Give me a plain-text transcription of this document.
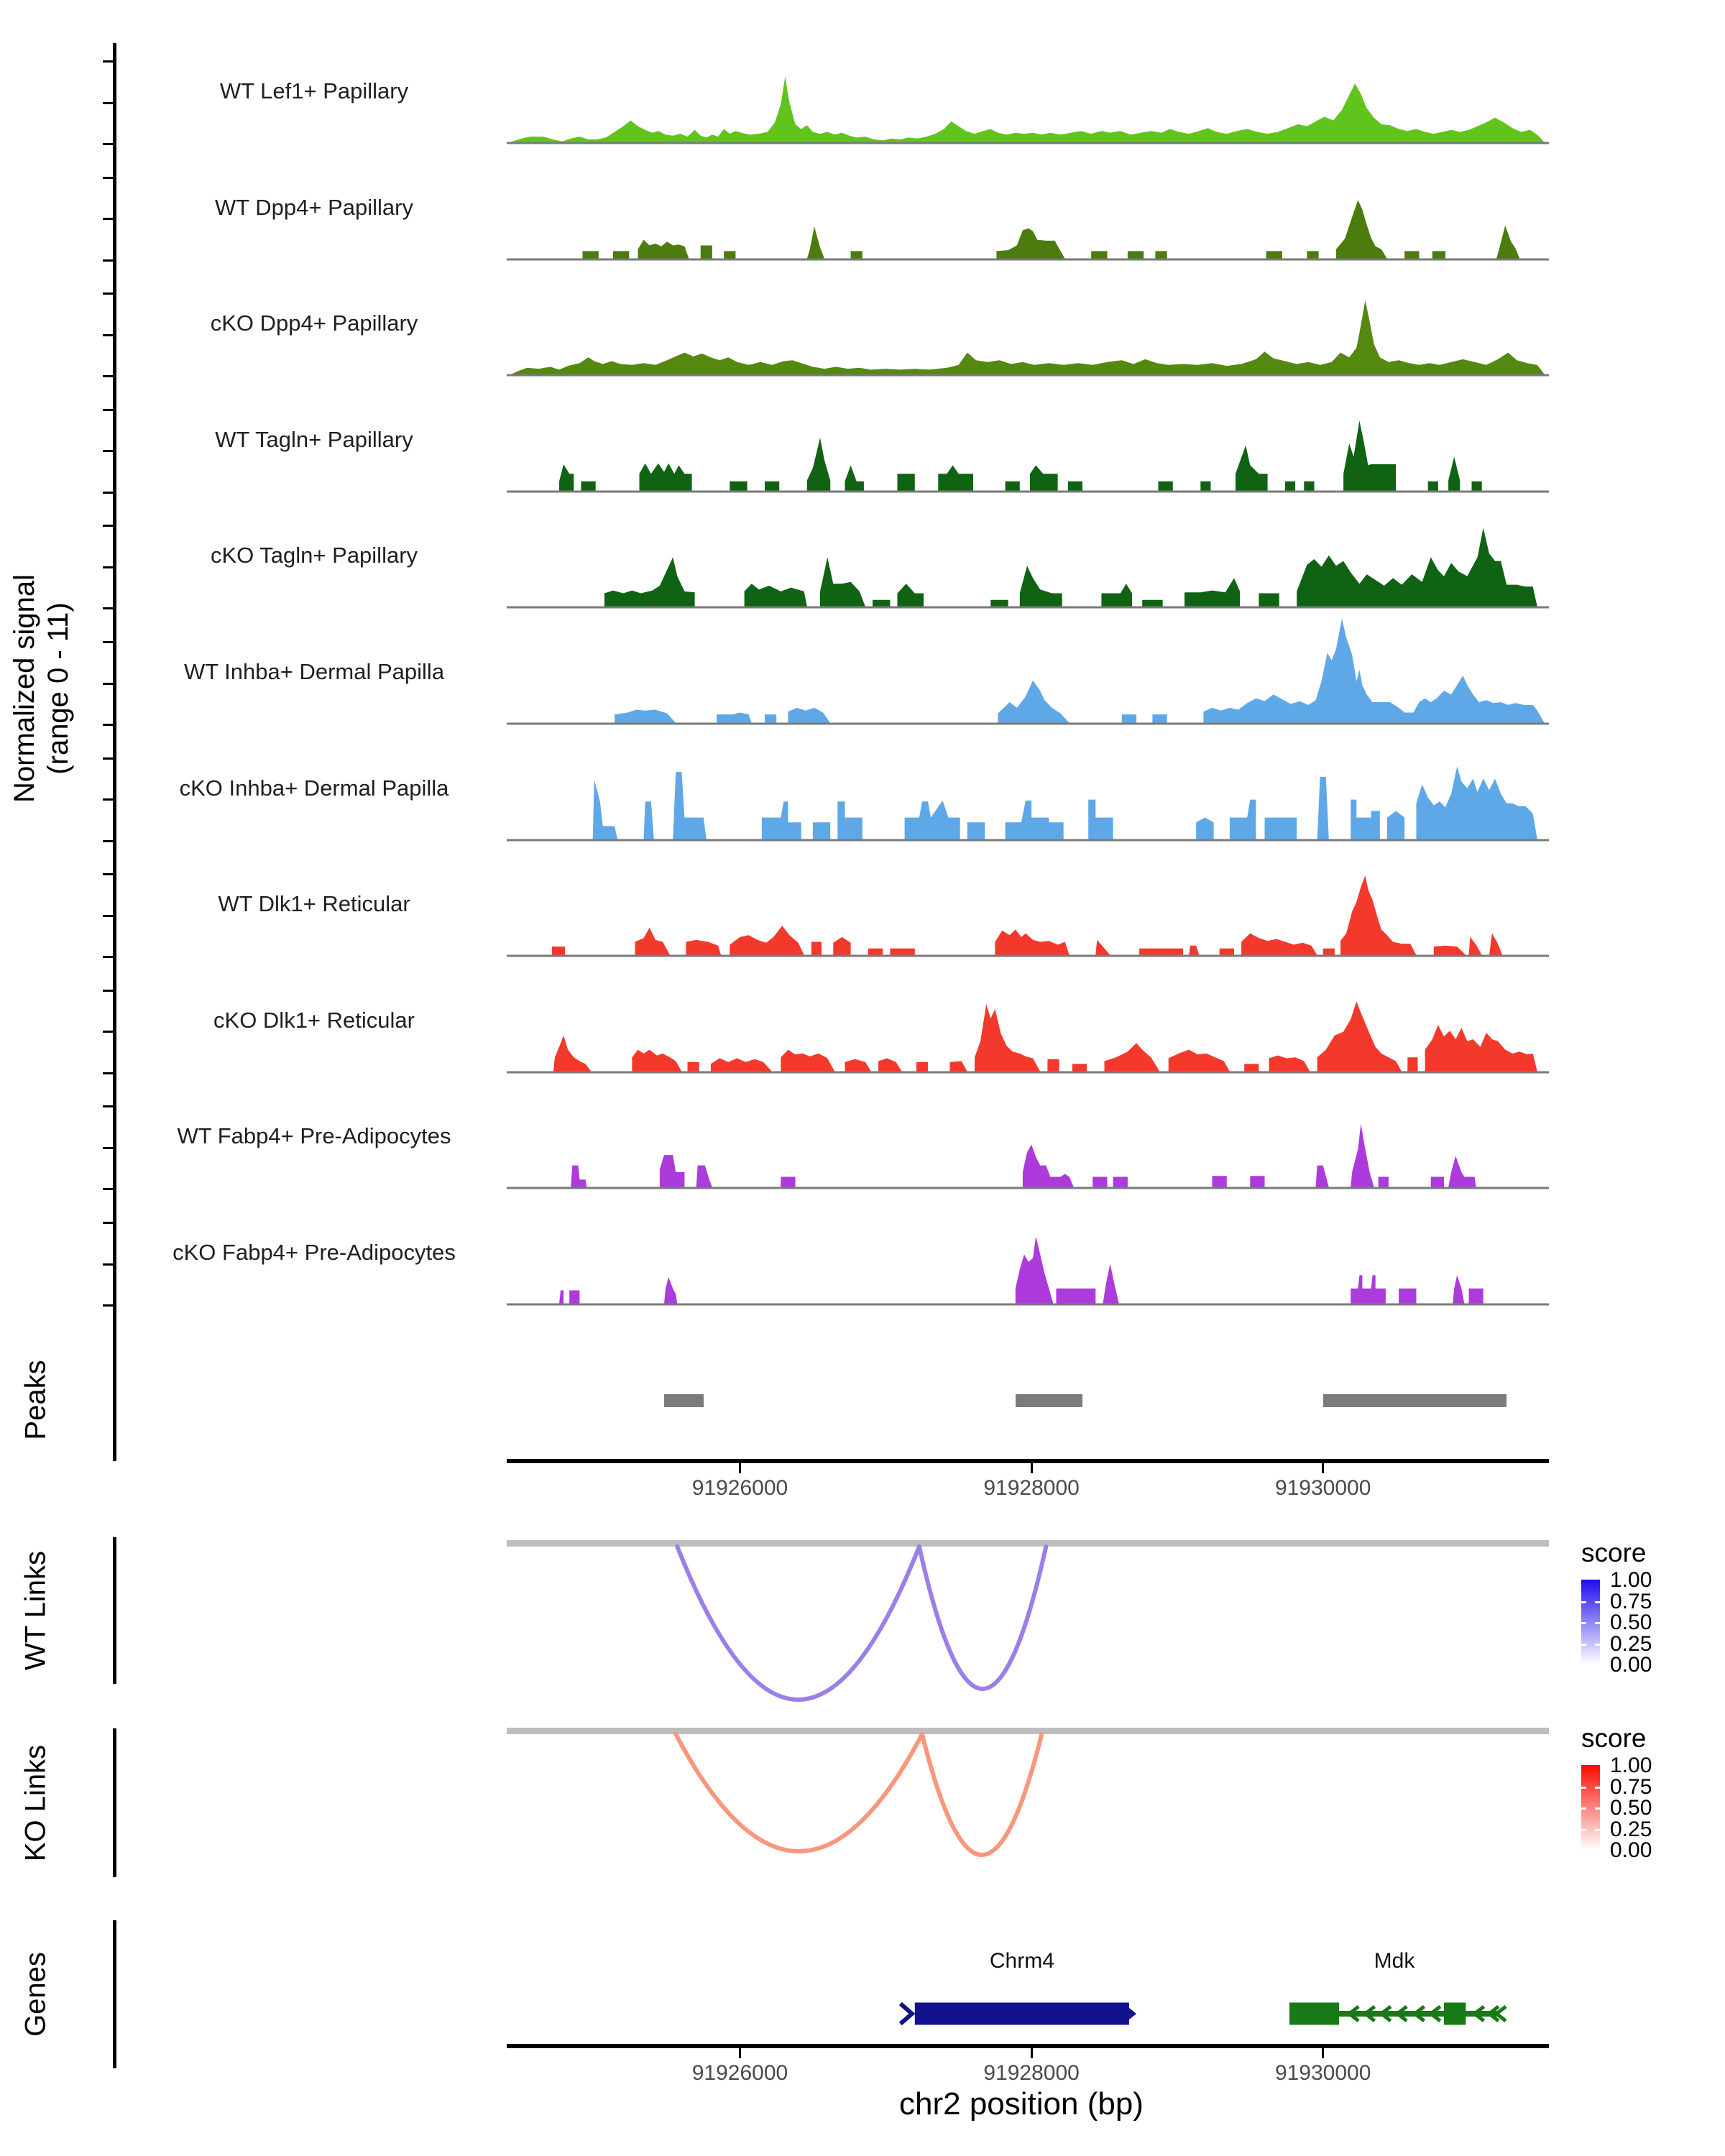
Normalized signal (range 0 - 11)
Peaks
WT Links
KO Links
Genes
WT Lef1+ Papillary
WT Dpp4+ Papillary
cKO Dpp4+ Papillary
WT Tagln+ Papillary
cKO Tagln+ Papillary
WT Inhba+ Dermal Papilla
cKO Inhba+ Dermal Papilla
WT Dlk1+ Reticular
cKO Dlk1+ Reticular
WT Fabp4+ Pre-Adipocytes
cKO Fabp4+ Pre-Adipocytes
91926000	91928000	91930000
91926000	91928000	91930000
score
1.00
0.75
0.50
0.25
0.00
score
1.00
0.75
0.50
0.25
0.00
Chrm4	Mdk
chr2 position (bp)
